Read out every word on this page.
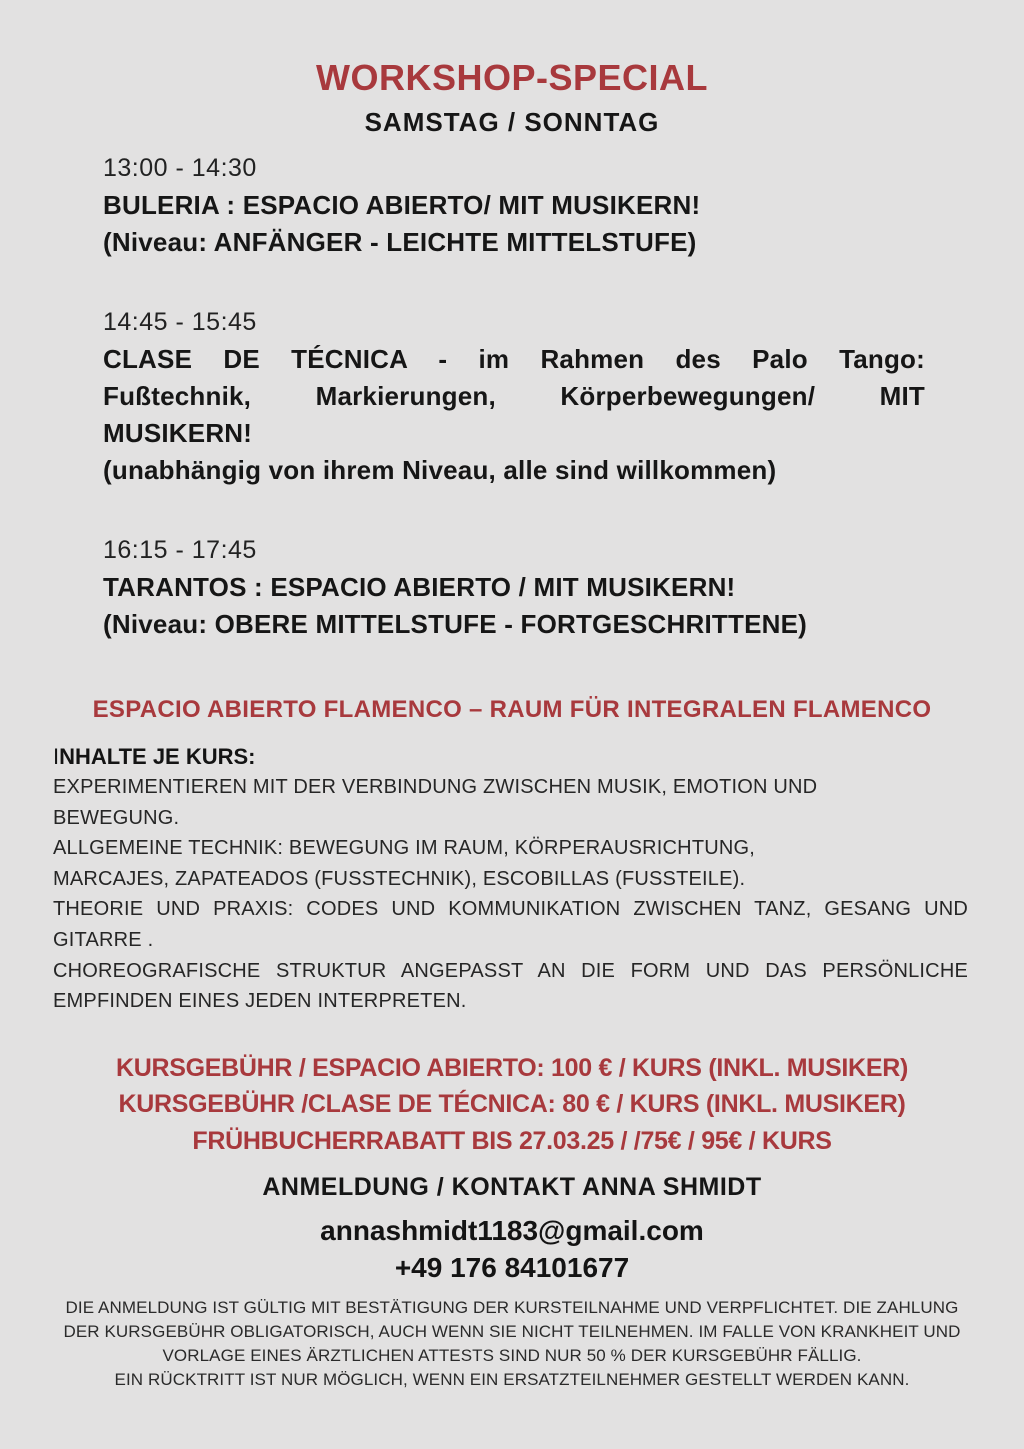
WORKSHOP-SPECIAL
SAMSTAG / SONNTAG
13:00 - 14:30
BULERIA : ESPACIO ABIERTO/ MIT MUSIKERN!
(Niveau: ANFÄNGER - LEICHTE MITTELSTUFE)
14:45 - 15:45
CLASE DE TÉCNICA - im Rahmen des Palo Tango:
Fußtechnik, Markierungen, Körperbewegungen/ MIT
MUSIKERN!
(unabhängig von ihrem Niveau, alle sind willkommen)
16:15 - 17:45
TARANTOS : ESPACIO ABIERTO / MIT MUSIKERN!
(Niveau: OBERE MITTELSTUFE - FORTGESCHRITTENE)
ESPACIO ABIERTO FLAMENCO – RAUM FÜR INTEGRALEN FLAMENCO
INHALTE JE KURS:
EXPERIMENTIEREN MIT DER VERBINDUNG ZWISCHEN MUSIK, EMOTION UND
BEWEGUNG.
ALLGEMEINE TECHNIK: BEWEGUNG IM RAUM, KÖRPERAUSRICHTUNG,
MARCAJES, ZAPATEADOS (FUSSTECHNIK), ESCOBILLAS (FUSSTEILE).
THEORIE UND PRAXIS: CODES UND KOMMUNIKATION ZWISCHEN TANZ, GESANG UND
GITARRE .
CHOREOGRAFISCHE STRUKTUR ANGEPASST AN DIE FORM UND DAS PERSÖNLICHE
EMPFINDEN EINES JEDEN INTERPRETEN.
KURSGEBÜHR / ESPACIO ABIERTO: 100 € / KURS (INKL. MUSIKER)
KURSGEBÜHR /CLASE DE TÉCNICA: 80 € / KURS (INKL. MUSIKER)
FRÜHBUCHERRABATT BIS 27.03.25 / /75€ / 95€ / KURS
ANMELDUNG / KONTAKT ANNA SHMIDT
annashmidt1183@gmail.com
+49 176 84101677
DIE ANMELDUNG IST GÜLTIG MIT BESTÄTIGUNG DER KURSTEILNAHME UND VERPFLICHTET. DIE ZAHLUNG
DER KURSGEBÜHR OBLIGATORISCH, AUCH WENN SIE NICHT TEILNEHMEN. IM FALLE VON KRANKHEIT UND
VORLAGE EINES ÄRZTLICHEN ATTESTS SIND NUR 50 % DER KURSGEBÜHR FÄLLIG.
EIN RÜCKTRITT IST NUR MÖGLICH, WENN EIN ERSATZTEILNEHMER GESTELLT WERDEN KANN.
